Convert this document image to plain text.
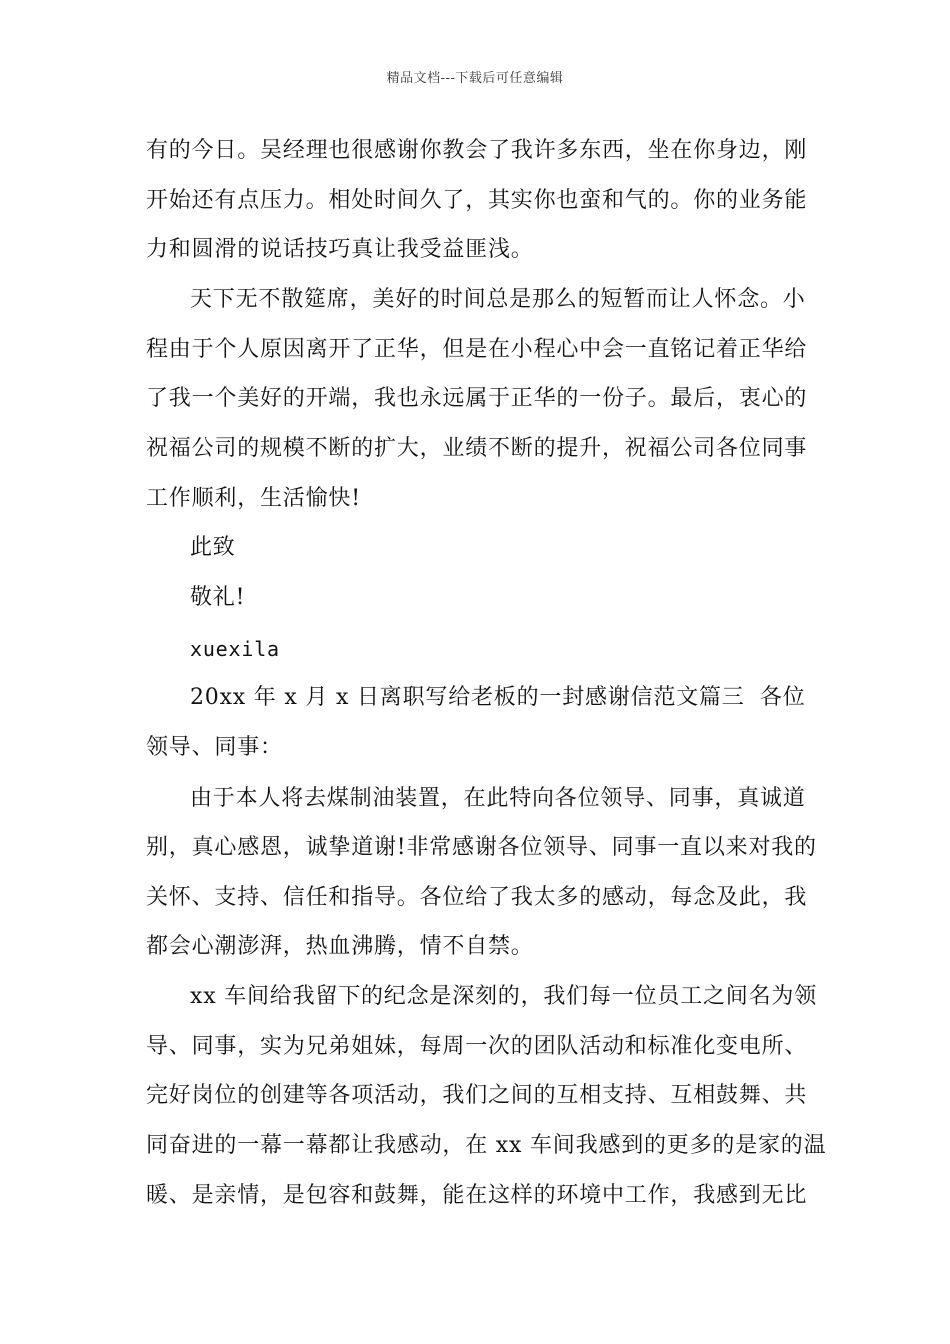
精品文档---下载后可任意编辑
有的今日。吴经理也很感谢你教会了我许多东西，坐在你身边，刚
开始还有点压力。相处时间久了，其实你也蛮和气的。你的业务能
力和圆滑的说话技巧真让我受益匪浅。
天下无不散筵席，美好的时间总是那么的短暂而让人怀念。小
程由于个人原因离开了正华，但是在小程心中会一直铭记着正华给
了我一个美好的开端，我也永远属于正华的一份子。最后，衷心的
祝福公司的规模不断的扩大，业绩不断的提升，祝福公司各位同事
工作顺利，生活愉快!
此致
敬礼!
xuexila
20xx 年 x 月 x 日离职写给老板的一封感谢信范文篇三 各位
领导、同事：
由于本人将去煤制油装置，在此特向各位领导、同事，真诚道
别，真心感恩，诚挚道谢!非常感谢各位领导、同事一直以来对我的
关怀、支持、信任和指导。各位给了我太多的感动，每念及此，我
都会心潮澎湃，热血沸腾，情不自禁。
xx 车间给我留下的纪念是深刻的，我们每一位员工之间名为领
导、同事，实为兄弟姐妹，每周一次的团队活动和标准化变电所、
完好岗位的创建等各项活动，我们之间的互相支持、互相鼓舞、共
同奋进的一幕一幕都让我感动，在 xx 车间我感到的更多的是家的温
暖、是亲情，是包容和鼓舞，能在这样的环境中工作，我感到无比
